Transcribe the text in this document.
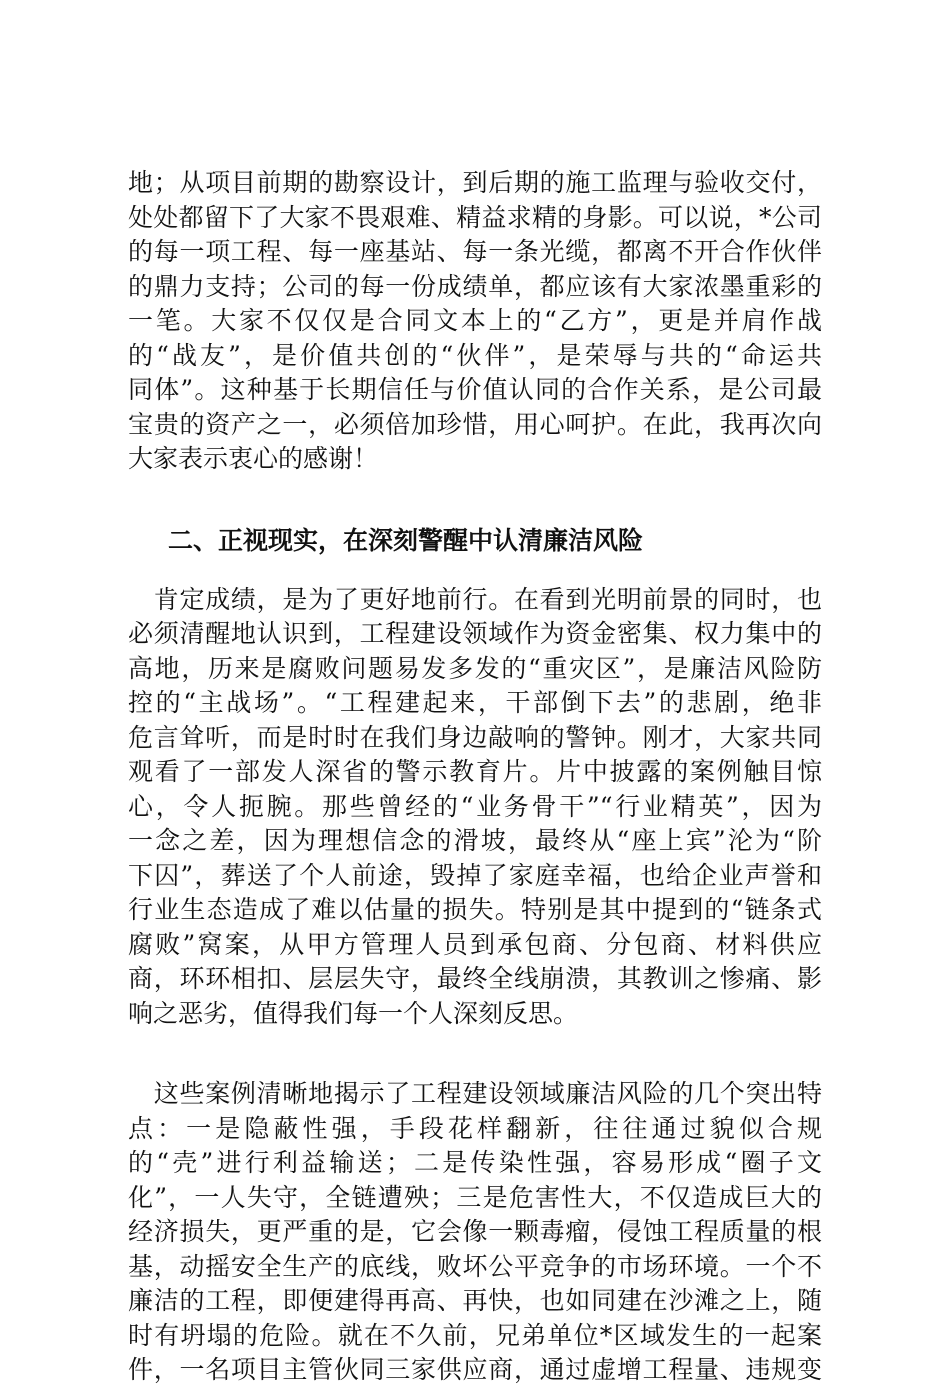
地；从项目前期的勘察设计，到后期的施工监理与验收交付，
处处都留下了大家不畏艰难、精益求精的身影。可以说，*公司
的每一项工程、每一座基站、每一条光缆，都离不开合作伙伴
的鼎力支持；公司的每一份成绩单，都应该有大家浓墨重彩的
一笔。大家不仅仅是合同文本上的“乙方”，更是并肩作战
的“战友”，是价值共创的“伙伴”，是荣辱与共的“命运共
同体”。这种基于长期信任与价值认同的合作关系，是公司最
宝贵的资产之一，必须倍加珍惜，用心呵护。在此，我再次向
大家表示衷心的感谢！
二、正视现实，在深刻警醒中认清廉洁风险
　肯定成绩，是为了更好地前行。在看到光明前景的同时，也
必须清醒地认识到，工程建设领域作为资金密集、权力集中的
高地，历来是腐败问题易发多发的“重灾区”，是廉洁风险防
控的“主战场”。“工程建起来，干部倒下去”的悲剧，绝非
危言耸听，而是时时在我们身边敲响的警钟。刚才，大家共同
观看了一部发人深省的警示教育片。片中披露的案例触目惊
心，令人扼腕。那些曾经的“业务骨干”“行业精英”，因为
一念之差，因为理想信念的滑坡，最终从“座上宾”沦为“阶
下囚”，葬送了个人前途，毁掉了家庭幸福，也给企业声誉和
行业生态造成了难以估量的损失。特别是其中提到的“链条式
腐败”窝案，从甲方管理人员到承包商、分包商、材料供应
商，环环相扣、层层失守，最终全线崩溃，其教训之惨痛、影
响之恶劣，值得我们每一个人深刻反思。
　这些案例清晰地揭示了工程建设领域廉洁风险的几个突出特
点：一是隐蔽性强，手段花样翻新，往往通过貌似合规
的“壳”进行利益输送；二是传染性强，容易形成“圈子文
化”，一人失守，全链遭殃；三是危害性大，不仅造成巨大的
经济损失，更严重的是，它会像一颗毒瘤，侵蚀工程质量的根
基，动摇安全生产的底线，败坏公平竞争的市场环境。一个不
廉洁的工程，即便建得再高、再快，也如同建在沙滩之上，随
时有坍塌的危险。就在不久前，兄弟单位*区域发生的一起案
件，一名项目主管伙同三家供应商，通过虚增工程量、违规变
